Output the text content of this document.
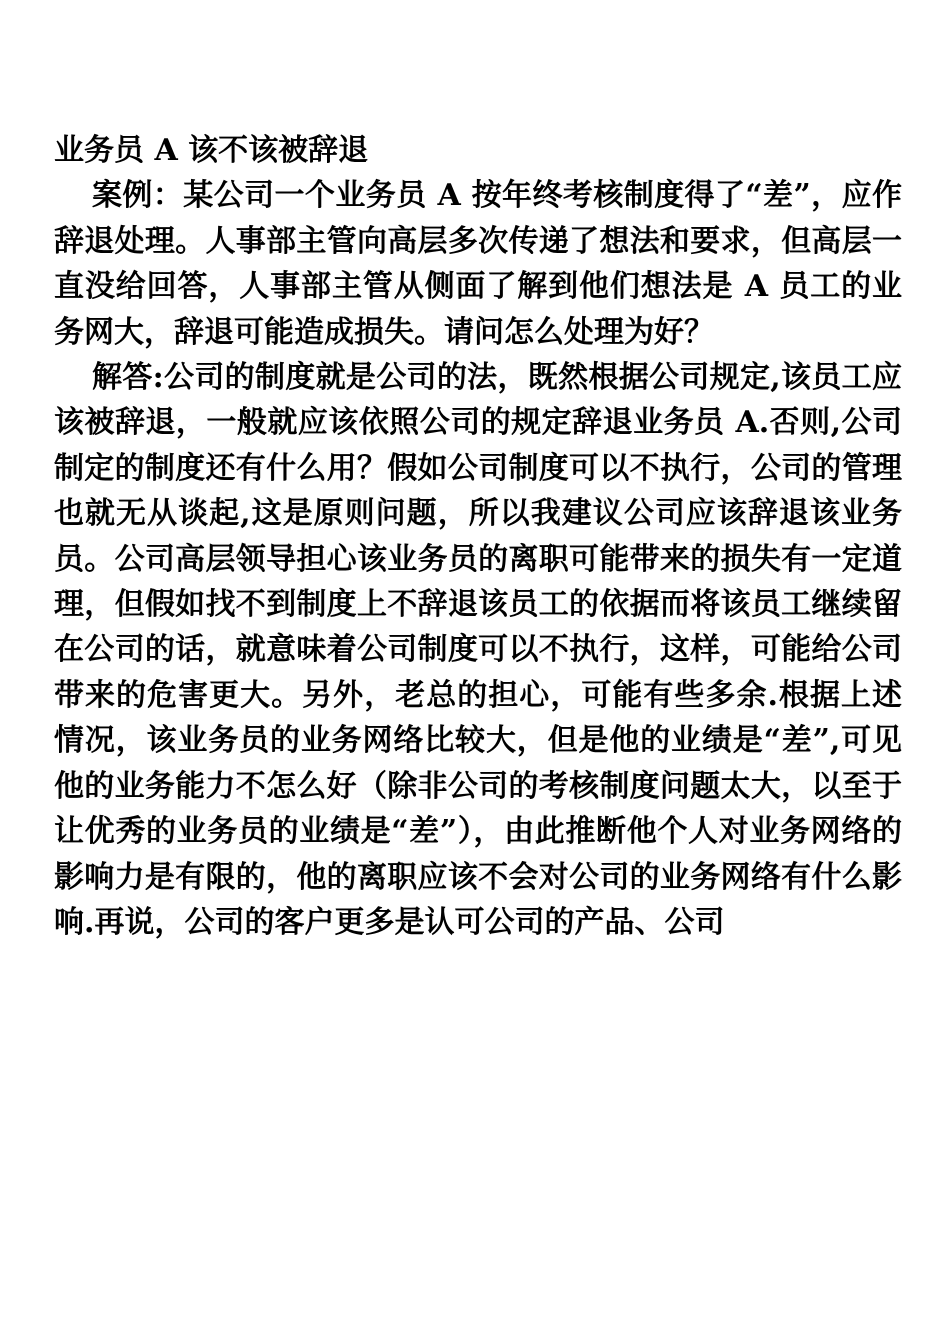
业务员 A 该不该被辞退

案例：某公司一个业务员 A 按年终考核制度得了“差”，应作辞退处理。人事部主管向高层多次传递了想法和要求，但高层一直没给回答，人事部主管从侧面了解到他们想法是 A 员工的业务网大，辞退可能造成损失。请问怎么处理为好？

解答:公司的制度就是公司的法，既然根据公司规定,该员工应该被辞退，一般就应该依照公司的规定辞退业务员 A.否则,公司制定的制度还有什么用？假如公司制度可以不执行，公司的管理也就无从谈起,这是原则问题，所以我建议公司应该辞退该业务员。公司高层领导担心该业务员的离职可能带来的损失有一定道理，但假如找不到制度上不辞退该员工的依据而将该员工继续留在公司的话，就意味着公司制度可以不执行，这样，可能给公司带来的危害更大。另外，老总的担心，可能有些多余.根据上述情况，该业务员的业务网络比较大，但是他的业绩是“差”,可见他的业务能力不怎么好（除非公司的考核制度问题太大，以至于让优秀的业务员的业绩是“差”），由此推断他个人对业务网络的影响力是有限的，他的离职应该不会对公司的业务网络有什么影响.再说，公司的客户更多是认可公司的产品、公司
